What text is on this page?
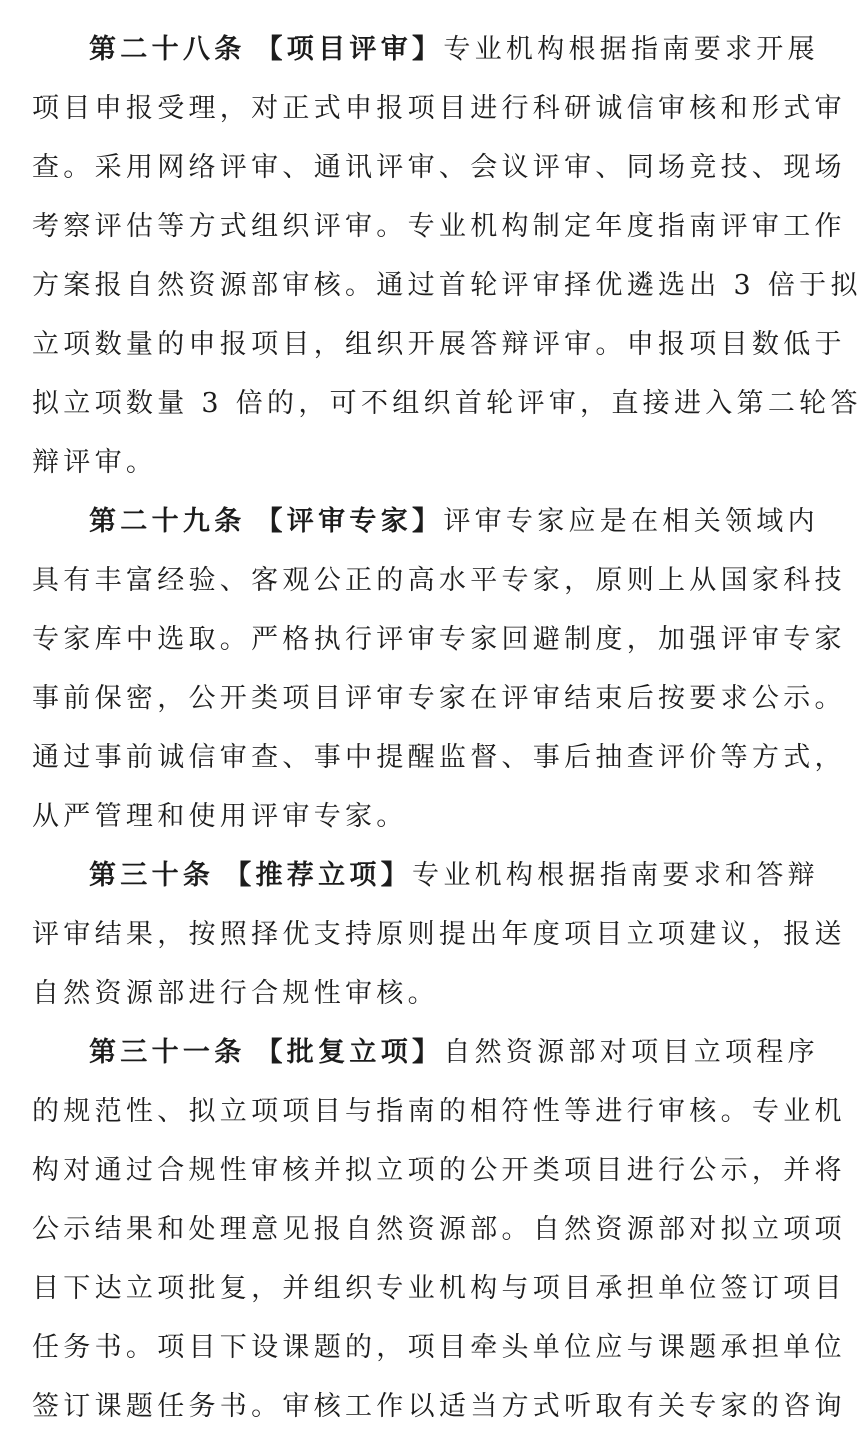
第二十八条 【项目评审】专业机构根据指南要求开展
项目申报受理，对正式申报项目进行科研诚信审核和形式审
查。采用网络评审、通讯评审、会议评审、同场竞技、现场
考察评估等方式组织评审。专业机构制定年度指南评审工作
方案报自然资源部审核。通过首轮评审择优遴选出 3 倍于拟
立项数量的申报项目，组织开展答辩评审。申报项目数低于
拟立项数量 3 倍的，可不组织首轮评审，直接进入第二轮答
辩评审。
第二十九条 【评审专家】评审专家应是在相关领域内
具有丰富经验、客观公正的高水平专家，原则上从国家科技
专家库中选取。严格执行评审专家回避制度，加强评审专家
事前保密，公开类项目评审专家在评审结束后按要求公示。
通过事前诚信审查、事中提醒监督、事后抽查评价等方式，
从严管理和使用评审专家。
第三十条 【推荐立项】专业机构根据指南要求和答辩
评审结果，按照择优支持原则提出年度项目立项建议，报送
自然资源部进行合规性审核。
第三十一条 【批复立项】自然资源部对项目立项程序
的规范性、拟立项项目与指南的相符性等进行审核。专业机
构对通过合规性审核并拟立项的公开类项目进行公示，并将
公示结果和处理意见报自然资源部。自然资源部对拟立项项
目下达立项批复，并组织专业机构与项目承担单位签订项目
任务书。项目下设课题的，项目牵头单位应与课题承担单位
签订课题任务书。审核工作以适当方式听取有关专家的咨询
